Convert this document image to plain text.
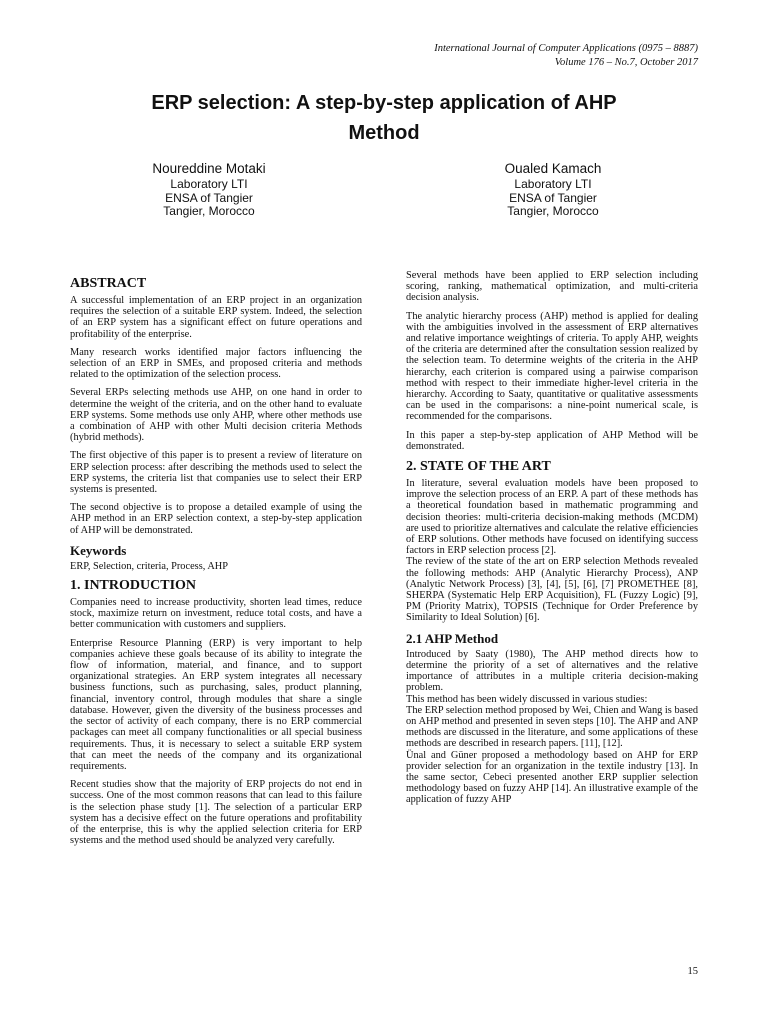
International Journal of Computer Applications (0975 – 8887)
Volume 176 – No.7, October 2017
ERP selection: A step-by-step application of AHP
Method
Noureddine Motaki
Laboratory LTI
ENSA of Tangier
Tangier, Morocco
Oualed Kamach
Laboratory LTI
ENSA of Tangier
Tangier, Morocco
ABSTRACT

A successful implementation of an ERP project in an organization requires the selection of a suitable ERP system. Indeed, the selection of an ERP system has a significant effect on future operations and profitability of the enterprise.

Many research works identified major factors influencing the selection of an ERP in SMEs, and proposed criteria and methods related to the optimization of the selection process.

Several ERPs selecting methods use AHP, on one hand in order to determine the weight of the criteria, and on the other hand to evaluate ERP systems. Some methods use only AHP, where other methods use a combination of AHP with other Multi decision criteria Methods (hybrid methods).

The first objective of this paper is to present a review of literature on ERP selection process: after describing the methods used to select the ERP systems, the criteria list that companies use to select their ERP systems is presented.

The second objective is to propose a detailed example of using the AHP method in an ERP selection context, a step-by-step application of AHP will be demonstrated.

Keywords

ERP, Selection, criteria, Process, AHP

1. INTRODUCTION

Companies need to increase productivity, shorten lead times, reduce stock, maximize return on investment, reduce total costs, and have a better communication with customers and suppliers.

Enterprise Resource Planning (ERP) is very important to help companies achieve these goals because of its ability to integrate the flow of information, material, and finance, and to support organizational strategies. An ERP system integrates all necessary business functions, such as purchasing, sales, product planning, financial, inventory control, through modules that share a single database. However, given the diversity of the business processes and the sector of activity of each company, there is no ERP commercial packages can meet all company functionalities or all special business requirements. Thus, it is necessary to select a suitable ERP system that can meet the needs of the company and its organizational requirements.

Recent studies show that the majority of ERP projects do not end in success. One of the most common reasons that can lead to this failure is the selection phase study [1]. The selection of a particular ERP system has a decisive effect on the future operations and profitability of the enterprise, this is why the applied selection criteria for ERP systems and the method used should be analyzed very carefully.

Several methods have been applied to ERP selection including scoring, ranking, mathematical optimization, and multi-criteria decision analysis.

The analytic hierarchy process (AHP) method is applied for dealing with the ambiguities involved in the assessment of ERP alternatives and relative importance weightings of criteria. To apply AHP, weights of the criteria are determined after the consultation session realized by the selection team. To determine weights of the criteria in the AHP hierarchy, each criterion is compared using a pairwise comparison method with respect to their immediate higher-level criteria in the hierarchy. According to Saaty, quantitative or qualitative assessments can be used in the comparisons: a nine-point numerical scale, is recommended for the comparisons.

In this paper a step-by-step application of AHP Method will be demonstrated.

2. STATE OF THE ART

In literature, several evaluation models have been proposed to improve the selection process of an ERP. A part of these methods has a theoretical foundation based in mathematic programming and decision theories: multi-criteria decision-making methods (MCDM) are used to prioritize alternatives and calculate the relative efficiencies of ERP solutions. Other methods have focused on identifying success factors in ERP selection process [2].

The review of the state of the art on ERP selection Methods revealed the following methods: AHP (Analytic Hierarchy Process), ANP (Analytic Network Process) [3], [4], [5], [6], [7] PROMETHEE [8], SHERPA (Systematic Help ERP Acquisition), FL (Fuzzy Logic) [9], PM (Priority Matrix), TOPSIS (Technique for Order Preference by Similarity to Ideal Solution) [6].

2.1 AHP Method

Introduced by Saaty (1980), The AHP method directs how to determine the priority of a set of alternatives and the relative importance of attributes in a multiple criteria decision-making problem.

This method has been widely discussed in various studies:

The ERP selection method proposed by Wei, Chien and Wang is based on AHP method and presented in seven steps [10]. The AHP and ANP methods are discussed in the literature, and some applications of these methods are described in research papers. [11], [12].

Ünal and Güner proposed a methodology based on AHP for ERP provider selection for an organization in the textile industry [13]. In the same sector, Cebeci presented another ERP supplier selection methodology based on fuzzy AHP [14]. An illustrative example of the application of fuzzy AHP

15
